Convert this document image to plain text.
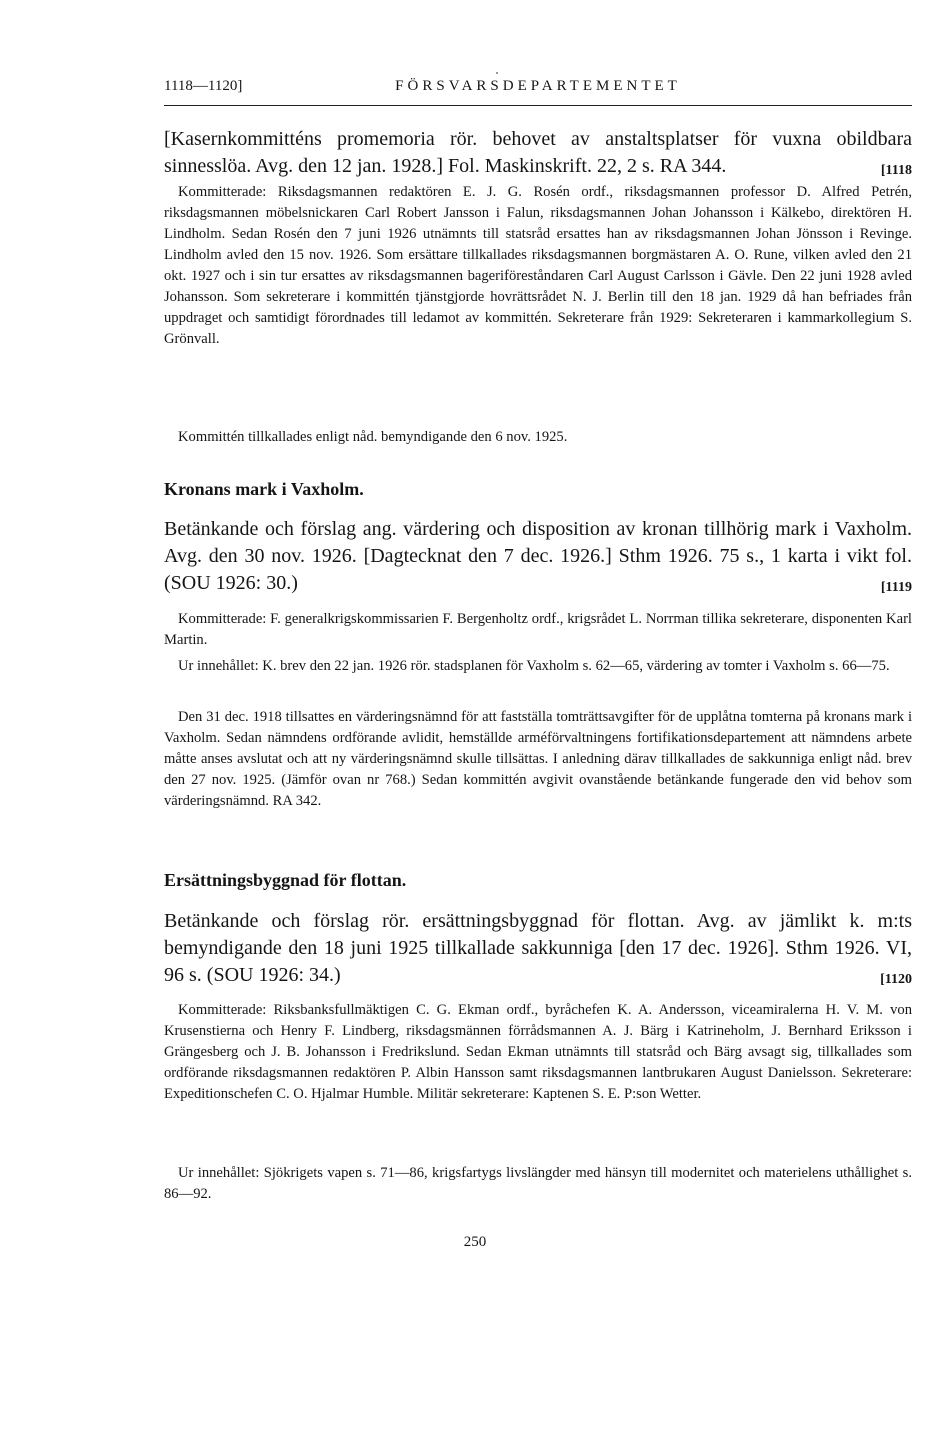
1118—1120]	FÖRSVARSDEPARTEMENTET
[Kasernkommitténs promemoria rör. behovet av anstaltsplatser för vuxna obildbara sinnesslöa. Avg. den 12 jan. 1928.] Fol. Maskinskrift. 22, 2 s. RA 344.	[1118
Kommitterade: Riksdagsmannen redaktören E. J. G. Rosén ordf., riksdagsmannen professor D. Alfred Petrén, riksdagsmannen möbelsnickaren Carl Robert Jansson i Falun, riksdagsmannen Johan Johansson i Kälkebo, direktören H. Lindholm. Sedan Rosén den 7 juni 1926 utnämnts till statsråd ersattes han av riksdagsmannen Johan Jönsson i Revinge. Lindholm avled den 15 nov. 1926. Som ersättare tillkallades riksdagsmannen borgmästaren A. O. Rune, vilken avled den 21 okt. 1927 och i sin tur ersattes av riksdagsmannen bageriföreståndaren Carl August Carlsson i Gävle. Den 22 juni 1928 avled Johansson. Som sekreterare i kommittén tjänstgjorde hovrättsrådet N. J. Berlin till den 18 jan. 1929 då han befriades från uppdraget och samtidigt förordnades till ledamot av kommittén. Sekreterare från 1929: Sekreteraren i kammarkollegium S. Grönvall.
Kommittén tillkallades enligt nåd. bemyndigande den 6 nov. 1925.
Kronans mark i Vaxholm.
Betänkande och förslag ang. värdering och disposition av kronan tillhörig mark i Vaxholm. Avg. den 30 nov. 1926. [Dagtecknat den 7 dec. 1926.] Sthm 1926. 75 s., 1 karta i vikt fol. (SOU 1926: 30.)	[1119
Kommitterade: F. generalkrigskommissarien F. Bergenholtz ordf., krigsrådet L. Norrman tillika sekreterare, disponenten Karl Martin.
Ur innehållet: K. brev den 22 jan. 1926 rör. stadsplanen för Vaxholm s. 62—65, värdering av tomter i Vaxholm s. 66—75.
Den 31 dec. 1918 tillsattes en värderingsnämnd för att fastställa tomträttsavgifter för de upplåtna tomterna på kronans mark i Vaxholm. Sedan nämndens ordförande avlidit, hemställde arméförvaltningens fortifikationsdepartement att nämndens arbete måtte anses avslutat och att ny värderingsnämnd skulle tillsättas. I anledning därav tillkallades de sakkunniga enligt nåd. brev den 27 nov. 1925. (Jämför ovan nr 768.) Sedan kommittén avgivit ovanstående betänkande fungerade den vid behov som värderingsnämnd. RA 342.
Ersättningsbyggnad för flottan.
Betänkande och förslag rör. ersättningsbyggnad för flottan. Avg. av jämlikt k. m:ts bemyndigande den 18 juni 1925 tillkallade sakkunniga [den 17 dec. 1926]. Sthm 1926. VI, 96 s. (SOU 1926: 34.)	[1120
Kommitterade: Riksbanksfullmäktigen C. G. Ekman ordf., byråchefen K. A. Andersson, viceamiralerna H. V. M. von Krusenstierna och Henry F. Lindberg, riksdagsmännen förrådsmannen A. J. Bärg i Katrineholm, J. Bernhard Eriksson i Grängesberg och J. B. Johansson i Fredrikslund. Sedan Ekman utnämnts till statsråd och Bärg avsagt sig, tillkallades som ordförande riksdagsmannen redaktören P. Albin Hansson samt riksdagsmannen lantbrukaren August Danielsson. Sekreterare: Expeditionschefen C. O. Hjalmar Humble. Militär sekreterare: Kaptenen S. E. P:son Wetter.
Ur innehållet: Sjökrigets vapen s. 71—86, krigsfartygs livslängder med hänsyn till modernitet och materielens uthållighet s. 86—92.
250
